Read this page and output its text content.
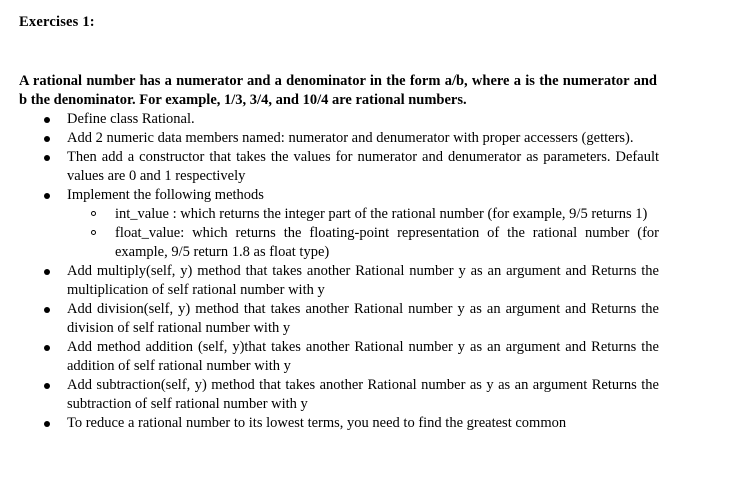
Exercises 1:
A rational number has a numerator and a denominator in the form a/b, where a is the numerator and b the denominator. For example, 1/3, 3/4, and 10/4 are rational numbers.
Define class Rational.
Add 2 numeric data members named: numerator and denumerator with proper accessers (getters).
Then add a constructor that takes the values for numerator and denumerator as parameters. Default values are 0 and 1 respectively
Implement the following methods
int_value : which returns the integer part of the rational number (for example, 9/5 returns 1)
float_value: which returns the floating-point representation of the rational number (for example, 9/5 return 1.8 as float type)
Add multiply(self, y) method that takes another Rational number y as an argument and Returns the multiplication of self rational number with y
Add division(self, y) method that takes another Rational number y as an argument and Returns the division of self rational number with y
Add method addition (self, y)that takes another Rational number y as an argument and Returns the addition of self rational number with y
Add subtraction(self, y) method that takes another Rational number as y as an argument Returns the subtraction of self rational number with y
To reduce a rational number to its lowest terms, you need to find the greatest common
